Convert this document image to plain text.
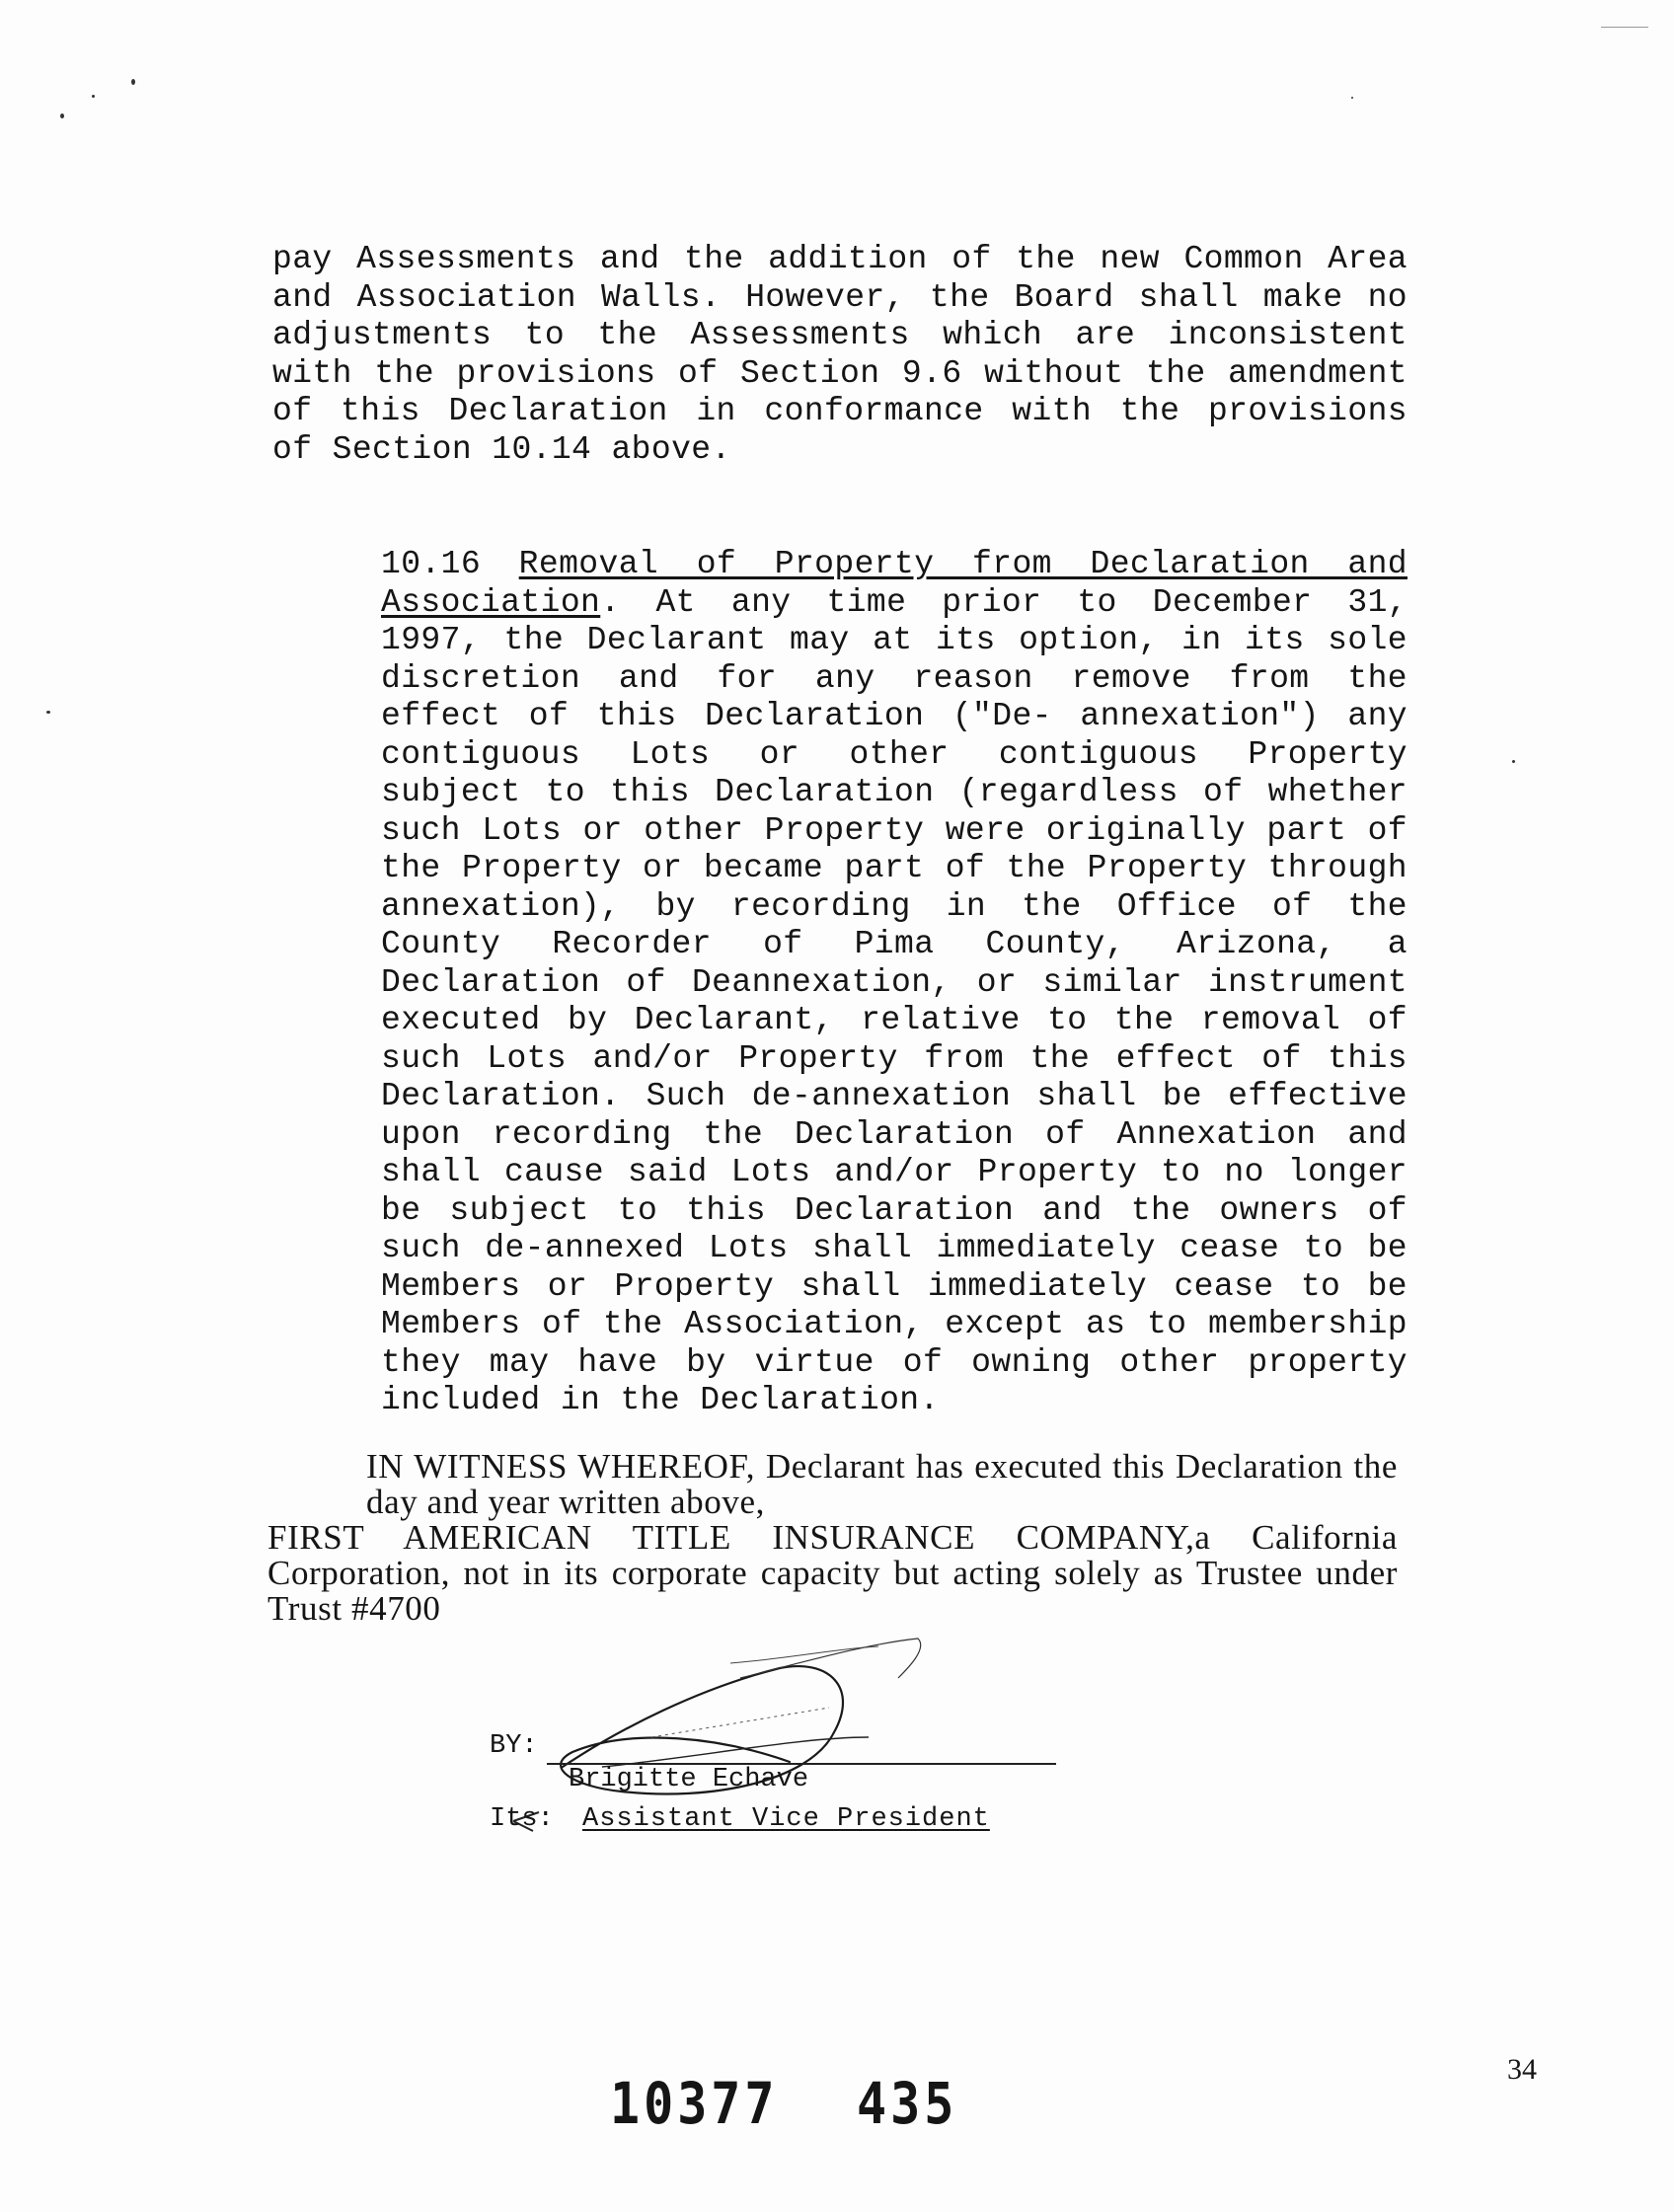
pay Assessments and the addition of the new Common Area and Association Walls. However, the Board shall make no adjustments to the Assessments which are inconsistent with the provisions of Section 9.6 without the amendment of this Declaration in conformance with the provisions of Section 10.14 above.
10.16 Removal of Property from Declaration and Association. At any time prior to December 31, 1997, the Declarant may at its option, in its sole discretion and for any reason remove from the effect of this Declaration ("De- annexation") any contiguous Lots or other contiguous Property subject to this Declaration (regardless of whether such Lots or other Property were originally part of the Property or became part of the Property through annexation), by recording in the Office of the County Recorder of Pima County, Arizona, a Declaration of Deannexation, or similar instrument executed by Declarant, relative to the removal of such Lots and/or Property from the effect of this Declaration. Such de-annexation shall be effective upon recording the Declaration of Annexation and shall cause said Lots and/or Property to no longer be subject to this Declaration and the owners of such de-annexed Lots shall immediately cease to be Members or Property shall immediately cease to be Members of the Association, except as to membership they may have by virtue of owning other property included in the Declaration.
IN WITNESS WHEREOF, Declarant has executed this Declaration the day and year written above,
FIRST AMERICAN TITLE INSURANCE COMPANY,a California Corporation, not in its corporate capacity but acting solely as Trustee under Trust #4700
BY:
Brigitte Echave
Its: Assistant Vice President
34
10377 435
